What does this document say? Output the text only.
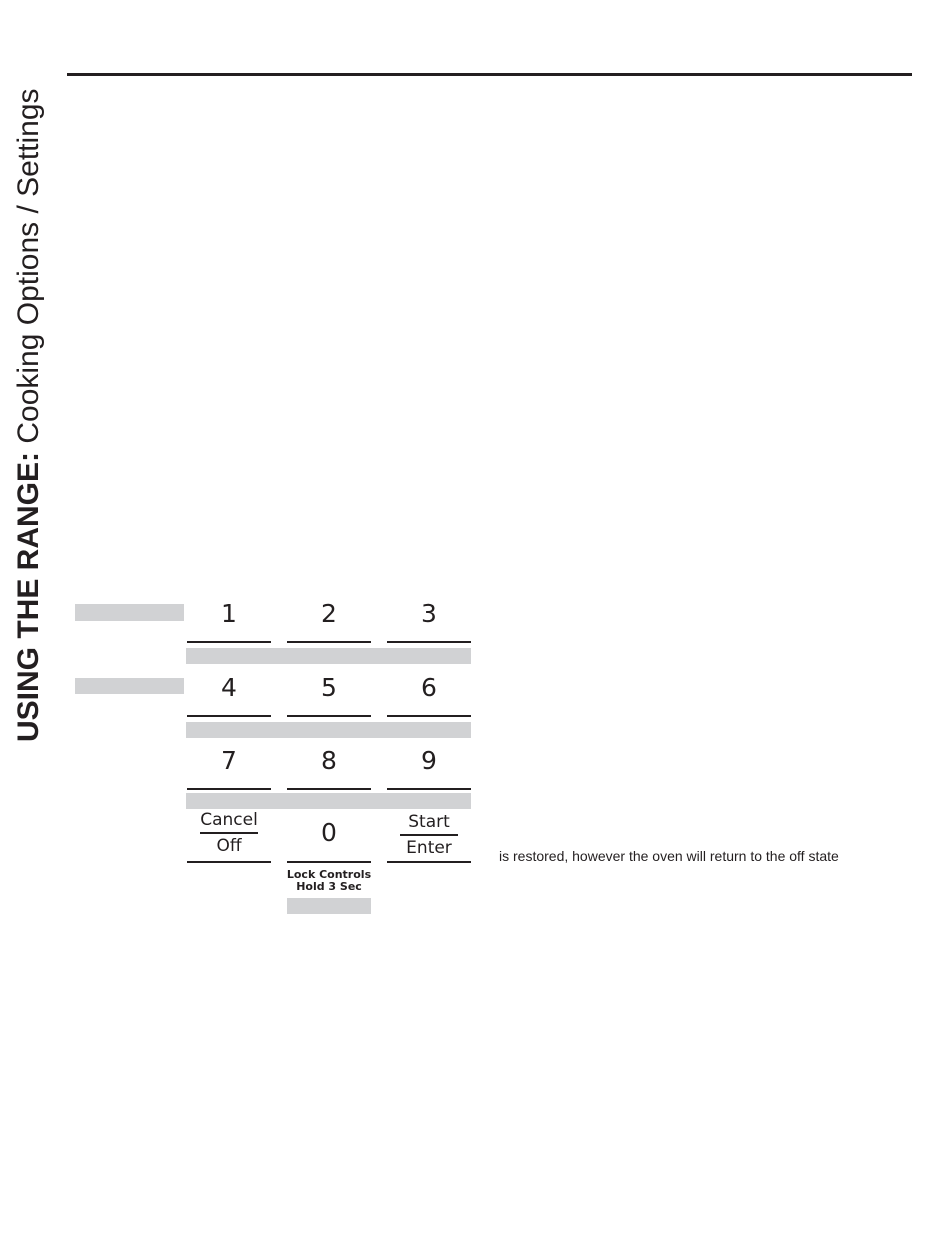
USING THE RANGE: Cooking Options / Settings
1	2	3
4	5	6
7	8	9
Cancel
Off	0
Lock Controls
Hold 3 Sec
Start
Enter	is restored, however the oven will return to the off state
